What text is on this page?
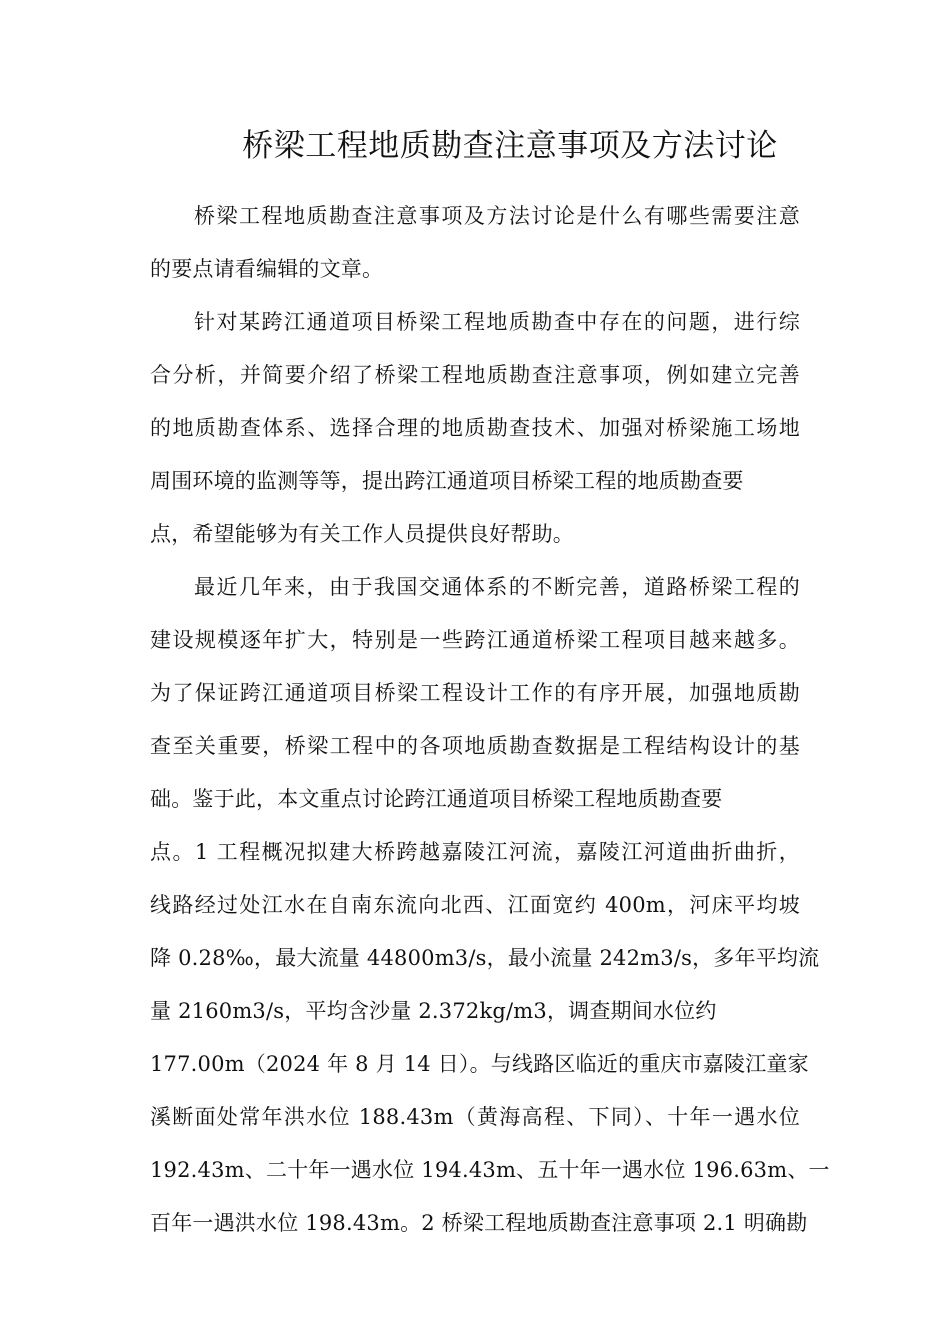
桥梁工程地质勘查注意事项及方法讨论
桥梁工程地质勘查注意事项及方法讨论是什么有哪些需要注意
的要点请看编辑的文章。
针对某跨江通道项目桥梁工程地质勘查中存在的问题，进行综
合分析，并简要介绍了桥梁工程地质勘查注意事项，例如建立完善
的地质勘查体系、选择合理的地质勘查技术、加强对桥梁施工场地
周围环境的监测等等，提出跨江通道项目桥梁工程的地质勘查要
点，希望能够为有关工作人员提供良好帮助。
最近几年来，由于我国交通体系的不断完善，道路桥梁工程的
建设规模逐年扩大，特别是一些跨江通道桥梁工程项目越来越多。
为了保证跨江通道项目桥梁工程设计工作的有序开展，加强地质勘
查至关重要，桥梁工程中的各项地质勘查数据是工程结构设计的基
础。鉴于此，本文重点讨论跨江通道项目桥梁工程地质勘查要
点。1 工程概况拟建大桥跨越嘉陵江河流，嘉陵江河道曲折曲折，
线路经过处江水在自南东流向北西、江面宽约 400m，河床平均坡
降 0.28‰，最大流量 44800m3/s，最小流量 242m3/s，多年平均流
量 2160m3/s，平均含沙量 2.372kg/m3，调查期间水位约
177.00m（2024 年 8 月 14 日）。与线路区临近的重庆市嘉陵江童家
溪断面处常年洪水位 188.43m（黄海高程、下同）、十年一遇水位
192.43m、二十年一遇水位 194.43m、五十年一遇水位 196.63m、一
百年一遇洪水位 198.43m。2 桥梁工程地质勘查注意事项 2.1 明确勘
